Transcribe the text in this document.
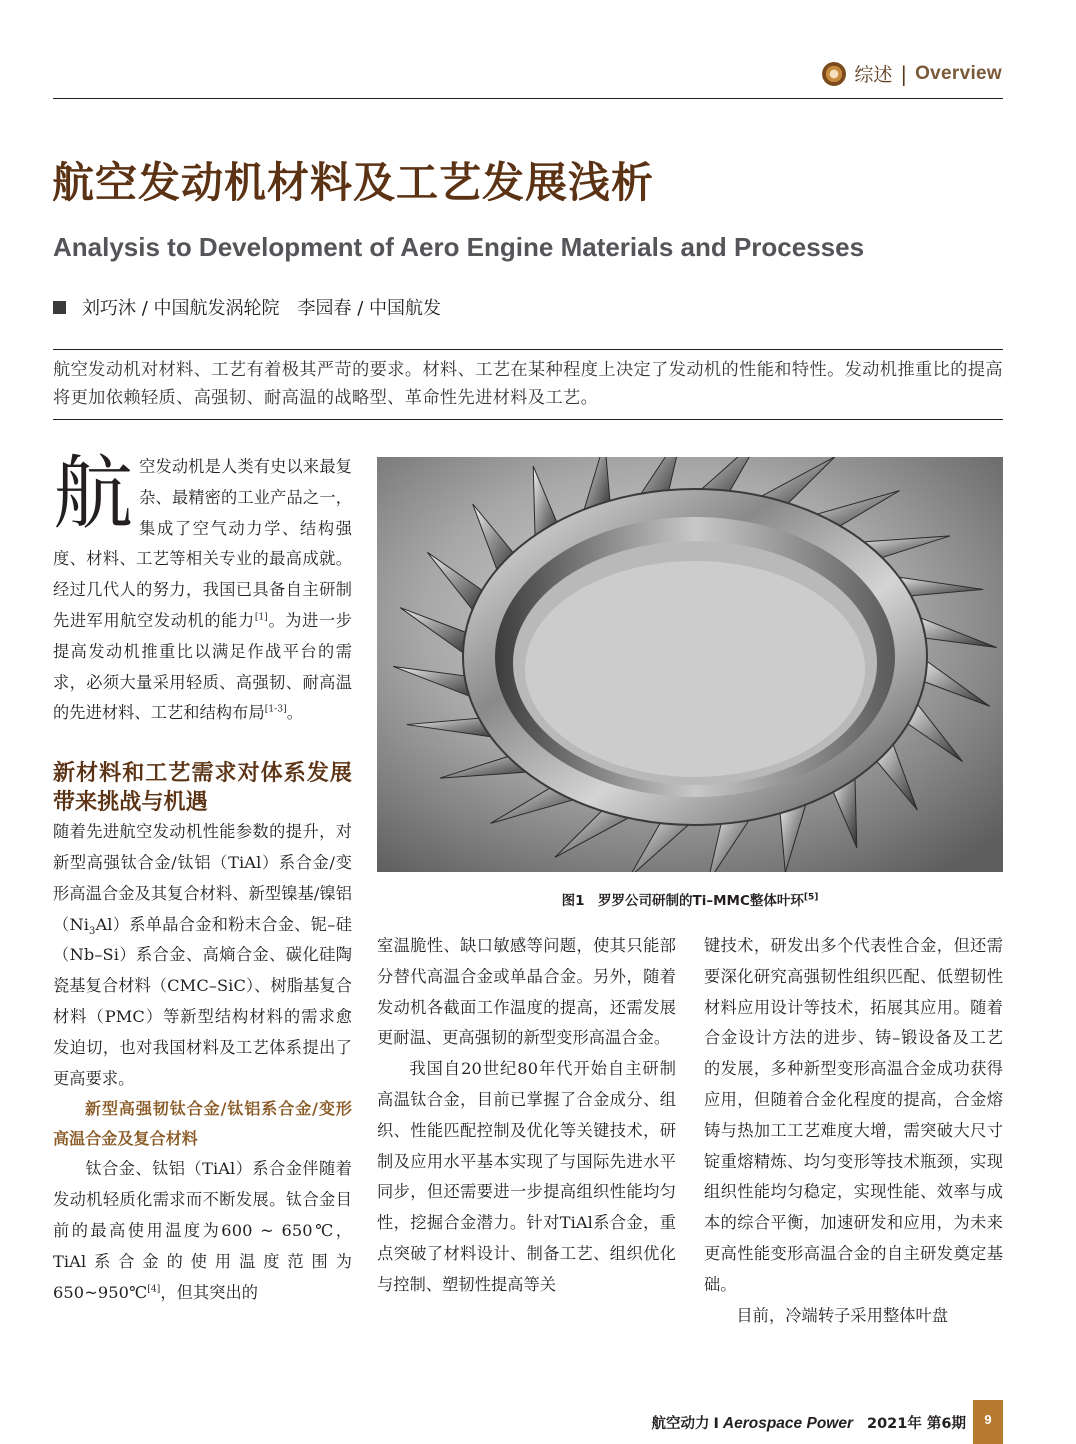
综述 | Overview
航空发动机材料及工艺发展浅析
Analysis to Development of Aero Engine Materials and Processes
刘巧沐 / 中国航发涡轮院　李园春 / 中国航发
航空发动机对材料、工艺有着极其严苛的要求。材料、工艺在某种程度上决定了发动机的性能和特性。发动机推重比的提高将更加依赖轻质、高强韧、耐高温的战略型、革命性先进材料及工艺。

航空发动机是人类有史以来最复杂、最精密的工业产品之一，集成了空气动力学、结构强度、材料、工艺等相关专业的最高成就。经过几代人的努力，我国已具备自主研制先进军用航空发动机的能力[1]。为进一步提高发动机推重比以满足作战平台的需求，必须大量采用轻质、高强韧、耐高温的先进材料、工艺和结构布局[1-3]。

新材料和工艺需求对体系发展带来挑战与机遇

随着先进航空发动机性能参数的提升，对新型高强钛合金/钛铝（TiAl）系合金/变形高温合金及其复合材料、新型镍基/镍铝$(Ni_3Al)$系单晶合金和粉末合金、铌–硅（Nb–Si）系合金、高熵合金、碳化硅陶瓷基复合材料（CMC–SiC）、树脂基复合材料（PMC）等新型结构材料的需求愈发迫切，也对我国材料及工艺体系提出了更高要求。

新型高强韧钛合金/钛铝系合金/变形高温合金及复合材料

钛合金、钛铝（TiAl）系合金伴随着发动机轻质化需求而不断发展。钛合金目前的最高使用温度为600 ~ 650℃，TiAl系合金的使用温度范围为650~950℃[4]，但其突出的

图1　罗罗公司研制的Ti–MMC整体叶环[5]

室温脆性、缺口敏感等问题，使其只能部分替代高温合金或单晶合金。另外，随着发动机各截面工作温度的提高，还需发展更耐温、更高强韧的新型变形高温合金。

我国自20世纪80年代开始自主研制高温钛合金，目前已掌握了合金成分、组织、性能匹配控制及优化等关键技术，研制及应用水平基本实现了与国际先进水平同步，但还需要进一步提高组织性能均匀性，挖掘合金潜力。针对TiAl系合金，重点突破了材料设计、制备工艺、组织优化与控制、塑韧性提高等关

键技术，研发出多个代表性合金，但还需要深化研究高强韧性组织匹配、低塑韧性材料应用设计等技术，拓展其应用。随着合金设计方法的进步、铸–锻设备及工艺的发展，多种新型变形高温合金成功获得应用，但随着合金化程度的提高，合金熔铸与热加工工艺难度大增，需突破大尺寸锭重熔精炼、均匀变形等技术瓶颈，实现组织性能均匀稳定，实现性能、效率与成本的综合平衡，加速研发和应用，为未来更高性能变形高温合金的自主研发奠定基础。

目前，冷端转子采用整体叶盘

航空动力 I Aerospace Power 2021年 第6期	9
